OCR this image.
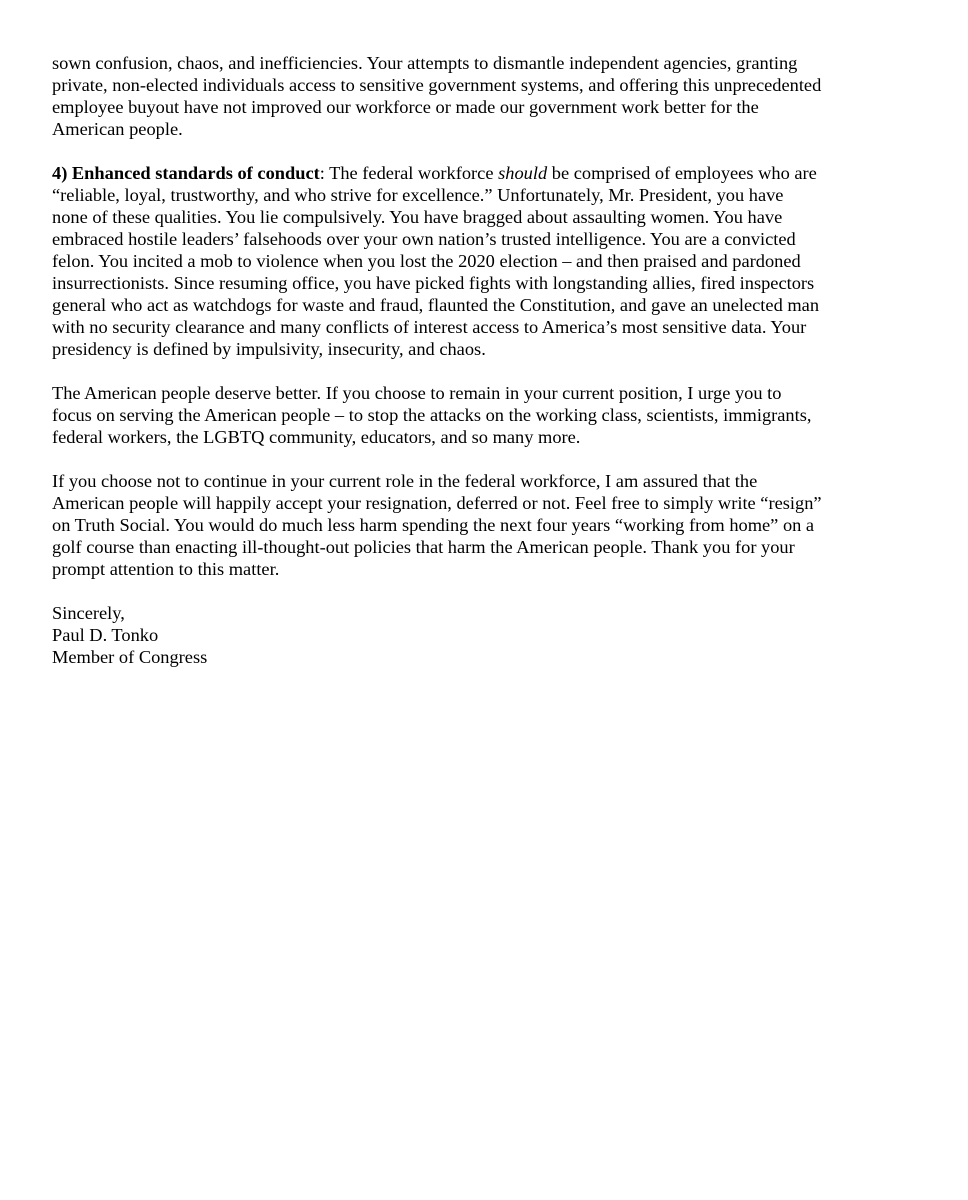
sown confusion, chaos, and inefficiencies. Your attempts to dismantle independent agencies, granting
private, non-elected individuals access to sensitive government systems, and offering this unprecedented
employee buyout have not improved our workforce or made our government work better for the
American people.

4) Enhanced standards of conduct: The federal workforce should be comprised of employees who are
“reliable, loyal, trustworthy, and who strive for excellence.” Unfortunately, Mr. President, you have
none of these qualities. You lie compulsively. You have bragged about assaulting women. You have
embraced hostile leaders’ falsehoods over your own nation’s trusted intelligence. You are a convicted
felon. You incited a mob to violence when you lost the 2020 election – and then praised and pardoned
insurrectionists. Since resuming office, you have picked fights with longstanding allies, fired inspectors
general who act as watchdogs for waste and fraud, flaunted the Constitution, and gave an unelected man
with no security clearance and many conflicts of interest access to America’s most sensitive data. Your
presidency is defined by impulsivity, insecurity, and chaos.

The American people deserve better. If you choose to remain in your current position, I urge you to
focus on serving the American people – to stop the attacks on the working class, scientists, immigrants,
federal workers, the LGBTQ community, educators, and so many more.

If you choose not to continue in your current role in the federal workforce, I am assured that the
American people will happily accept your resignation, deferred or not. Feel free to simply write “resign”
on Truth Social. You would do much less harm spending the next four years “working from home” on a
golf course than enacting ill-thought-out policies that harm the American people. Thank you for your
prompt attention to this matter.

Sincerely,
Paul D. Tonko
Member of Congress
